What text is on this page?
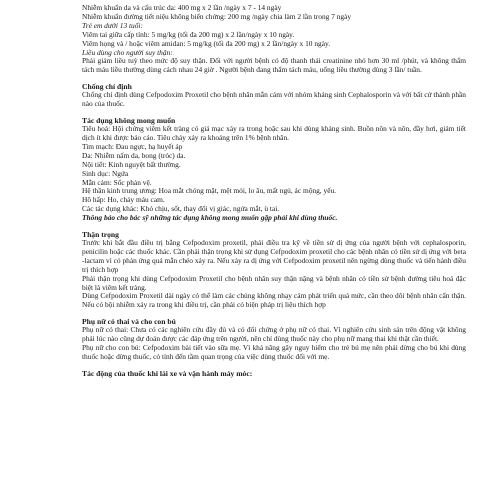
Nhiễm khuẩn da và cấu trúc da: 400 mg x 2 lần /ngày x 7 - 14 ngày

Nhiễm khuẩn đường tiết niệu không biến chứng: 200 mg /ngày chia làm 2 lần trong 7 ngày

Trẻ em dưới 13 tuổi:

Viêm tai giữa cấp tính: 5 mg/kg (tối đa 200 mg) x 2 lần/ngày x 10 ngày.

Viêm họng và / hoặc viêm amidan: 5 mg/kg (tối đa 200 mg) x 2 lần/ngày x 10 ngày.

Liều dùng cho người suy thận:

Phải giảm liều tuỳ theo mức độ suy thận. Đối với người bệnh có độ thanh thải creatinine nhỏ hơn 30 ml /phút, và không thẩm tách máu liều thường dùng cách nhau 24 giờ . Người bệnh đang thẩm tách máu, uống liều thường dùng 3 lần/ tuần.

Chống chỉ định

Chống chỉ định dùng Cefpodoxim Proxetil cho bệnh nhân mẫn cảm với nhóm kháng sinh Cephalosporin và với bất cứ thành phần nào của thuốc.

Tác dụng không mong muốn

Tiêu hoá: Hội chứng viêm kết tràng có giả mạc xảy ra trong hoặc sau khi dùng kháng sinh. Buồn nôn và nôn, đầy hơi, giảm tiết dịch ít khi được báo cáo. Tiêu chảy xảy ra khoảng trên 1% bệnh nhân.

Tim mạch: Đau ngực, hạ huyết áp

Da: Nhiễm nấm da, bong (tróc) da.

Nội tiết: Kinh nguyệt bất thường.

Sinh dục: Ngứa

Mẫn cảm: Sốc phản vệ.

Hệ thần kinh trung ương: Hoa mắt chóng mặt, mệt mỏi, lo âu, mất ngủ, ác mộng, yếu.

Hô hấp: Ho, chảy máu cam.

Các tác dụng khác: Khó chịu, sốt, thay đổi vị giác, ngứa mắt, ù tai.

Thông báo cho bác sỹ những tác dụng không mong muốn gặp phải khi dùng thuốc.

Thận trọng

Trước khi bắt đầu điều trị bằng Cefpodoxim proxetil, phải điều tra kỹ về tiền sử dị ứng của người bệnh với cephalosporin, penicilin hoặc các thuốc khác. Cần phải thận trọng khi sử dụng Cefpodoxim proxetil cho các bệnh nhân có tiền sử dị ứng với beta -lactam vì có phản ứng quá mẫn chéo xảy ra. Nếu xảy ra dị ứng với Cefpodoxim proxetil nên ngừng dùng thuốc và tiến hành điều trị thích hợp

Phải thận trọng khi dùng Cefpodoxim Proxetil cho bệnh nhân suy thận nặng và bệnh nhân có tiền sử bệnh đường tiêu hoá đặc biệt là viêm kết tràng.

Dùng Cefpodoxim Proxetil dài ngày có thể làm các chủng không nhạy cảm phát triển quá mức, cần theo dõi bệnh nhân cẩn thận. Nếu có bội nhiễm xảy ra trong khi điều trị, cần phải có biện pháp trị liệu thích hợp

Phụ nữ có thai và cho con bú

Phụ nữ có thai: Chưa có các nghiên cứu đầy đủ và có đối chứng ở phụ nữ có thai. Vì nghiên cứu sinh sản trên động vật không phải lúc nào cũng dự đoán được các đáp ứng trên người, nên chỉ dùng thuốc này cho phụ nữ mang thai khi thật cần thiết.

Phụ nữ cho con bú: Cefpodoxim bài tiết vào sữa mẹ. Vì khả năng gây nguy hiểm cho trẻ bú mẹ nên phải dừng cho bú khi dùng thuốc hoặc dừng thuốc, có tính đến tầm quan trọng của việc dùng thuốc đối với mẹ.

Tác động của thuốc khi lái xe và vận hành máy móc:
